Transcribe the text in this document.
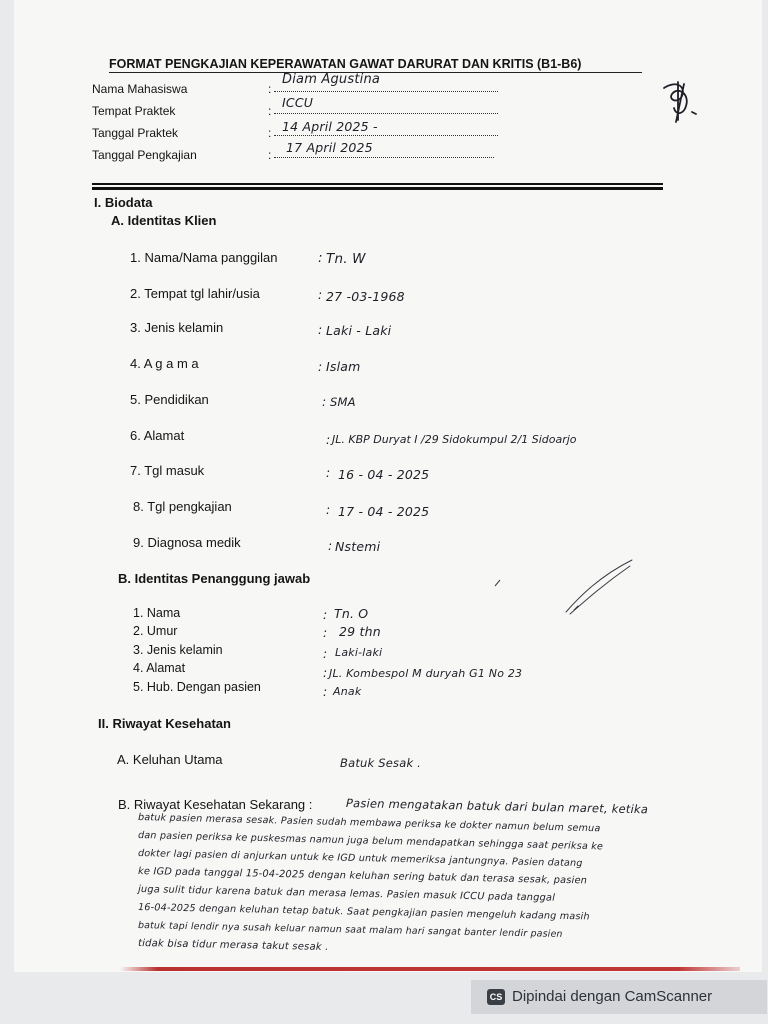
FORMAT PENGKAJIAN KEPERAWATAN GAWAT DARURAT DAN KRITIS (B1-B6)
Nama Mahasiswa	:
Diam Agustina
Tempat Praktek	:
ICCU
Tanggal Praktek	: 14 April 2025 -
Tanggal Pengkajian	: 17 April 2025
I. Biodata
A. Identitas Klien
1. Nama/Nama panggilan	: Tn. W
2. Tempat tgl lahir/usia	: 27 -03-1968
3. Jenis kelamin	: Laki - Laki
4. A g a m a	: Islam
5. Pendidikan	: SMA
6. Alamat	: JL. KBP Duryat I /29 Sidokumpul 2/1 Sidoarjo
7. Tgl masuk	: 16 - 04 - 2025
8. Tgl pengkajian	: 17 - 04 - 2025
9. Diagnosa medik	: Nstemi
B. Identitas Penanggung jawab
1. Nama	: Tn. O
2. Umur	: 29 thn
3. Jenis kelamin	: Laki-laki
4. Alamat	: JL. Kombespol M duryah G1 No 23
5. Hub. Dengan pasien	: Anak
II. Riwayat Kesehatan
A. Keluhan Utama	Batuk Sesak .
B. Riwayat Kesehatan Sekarang :	Pasien mengatakan batuk dari bulan maret, ketika
batuk pasien merasa sesak. Pasien sudah membawa periksa ke dokter namun belum semua
dan pasien periksa ke puskesmas namun juga belum mendapatkan sehingga saat periksa ke
dokter lagi pasien di anjurkan untuk ke IGD untuk memeriksa jantungnya. Pasien datang
ke IGD pada tanggal 15-04-2025 dengan keluhan sering batuk dan terasa sesak, pasien
juga sulit tidur karena batuk dan merasa lemas. Pasien masuk ICCU pada tanggal
16-04-2025 dengan keluhan tetap batuk. Saat pengkajian pasien mengeluh kadang masih
batuk tapi lendir nya susah keluar namun saat malam hari sangat banter lendir pasien
tidak bisa tidur merasa takut sesak .
CS Dipindai dengan CamScanner
